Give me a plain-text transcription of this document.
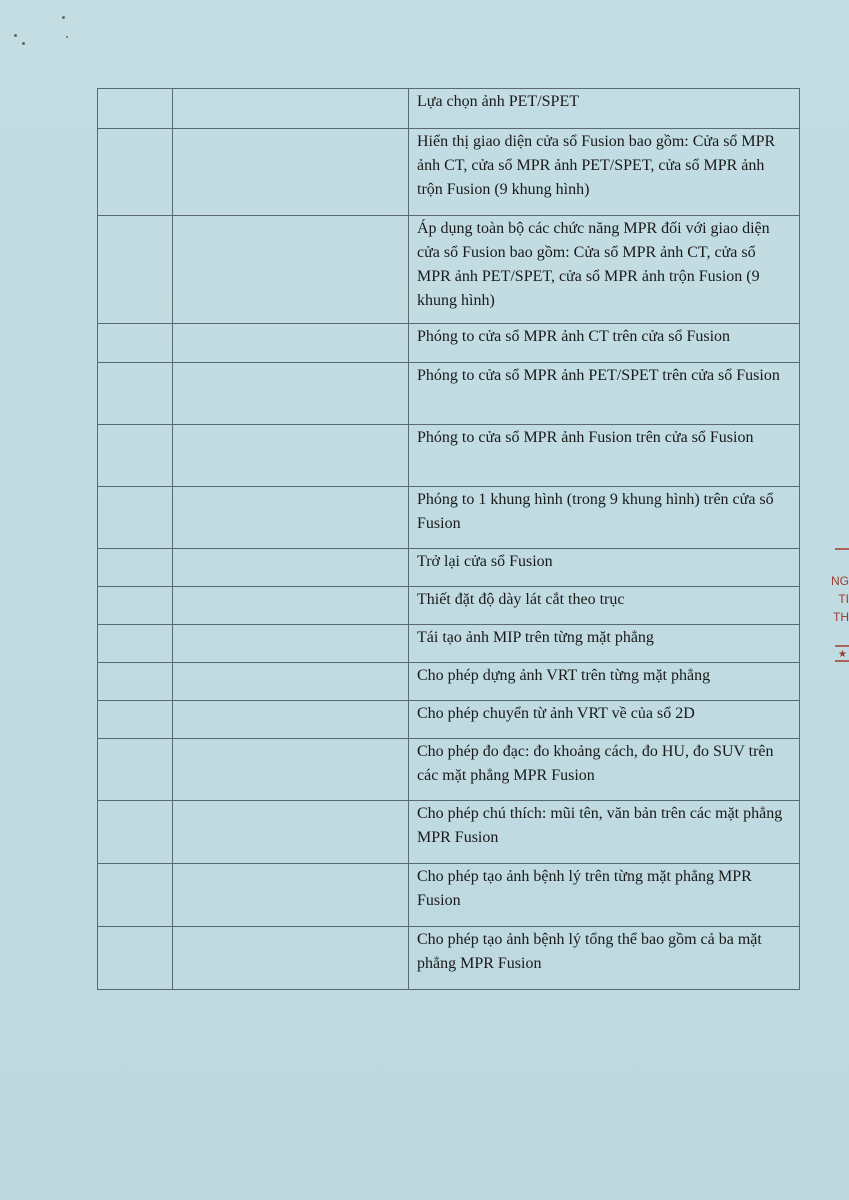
		Lựa chọn ảnh PET/SPET
		Hiển thị giao diện cửa sổ Fusion bao gồm: Cửa sổ MPR ảnh CT, cửa sổ MPR ảnh PET/SPET, cửa sổ MPR ảnh trộn Fusion (9 khung hình)
		Áp dụng toàn bộ các chức năng MPR đối với giao diện cửa sổ Fusion bao gồm: Cửa sổ MPR ảnh CT, cửa sổ MPR ảnh PET/SPET, cửa sổ MPR ảnh trộn Fusion (9 khung hình)
		Phóng to cửa sổ MPR ảnh CT trên cửa sổ Fusion
		Phóng to cửa sổ MPR ảnh PET/SPET trên cửa sổ Fusion
		Phóng to cửa sổ MPR ảnh Fusion trên cửa sổ Fusion
		Phóng to 1 khung hình (trong 9 khung hình) trên cửa sổ Fusion
		Trở lại cửa sổ Fusion
		Thiết đặt độ dày lát cắt theo trục
		Tái tạo ảnh MIP trên từng mặt phẳng
		Cho phép dựng ảnh VRT trên từng mặt phẳng
		Cho phép chuyển từ ảnh VRT về của sổ 2D
		Cho phép đo đạc: đo khoảng cách, đo HU, đo SUV trên các mặt phẳng MPR Fusion
		Cho phép chú thích: mũi tên, văn bản trên các mặt phẳng MPR Fusion
		Cho phép tạo ảnh bệnh lý trên từng mặt phẳng MPR Fusion
		Cho phép tạo ảnh bệnh lý tổng thể bao gồm cả ba mặt phẳng MPR Fusion
NG
TI
TH
★
